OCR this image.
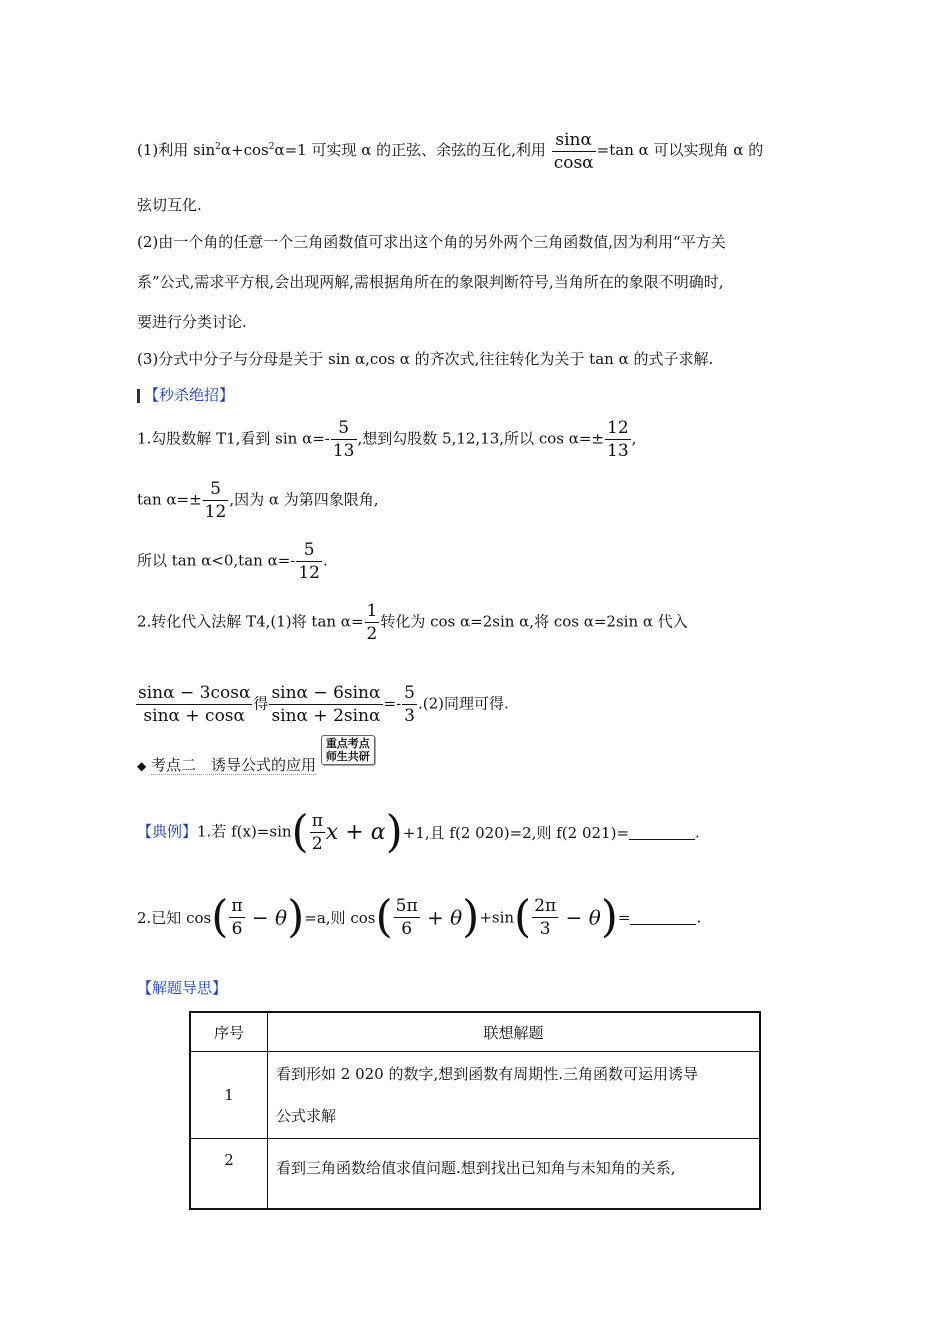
(1)利用 $\sin^2\alpha+\cos^2\alpha=1$ 可实现 α 的正弦、余弦的互化,利用 $\frac{\sin\alpha}{\cos\alpha} =\tan$ α 可以实现角 α 的
弦切互化.
(2)由一个角的任意一个三角函数值可求出这个角的另外两个三角函数值,因为利用“平方关
系”公式,需求平方根,会出现两解,需根据角所在的象限判断符号,当角所在的象限不明确时,
要进行分类讨论.
(3)分式中分子与分母是关于 sin α,cos α 的齐次式,往往转化为关于 tan α 的式子求解.
【秒杀绝招】
1.勾股数解 T1,看到 $\sin \alpha=- \frac{5}{13}$ ,想到勾股数 5,12,13,所以 $\cos \alpha=\pm \frac{12}{13}$ ,
$\tan \alpha=\pm \frac{5}{12}$ ,因为 α 为第四象限角,
所以 tan α<0,tan $\alpha=- \frac{5}{12}$ .
2.转化代入法解 T4,(1)将 $\tan \alpha= \frac{1}{2}$ 转化为 cos α=2sin α,将 cos α=2sin α 代入
$\frac{\sin\alpha - 3\cos\alpha}{\sin\alpha + \cos\alpha}$ 得 $\frac{\sin\alpha - 6\sin\alpha}{\sin\alpha + 2\sin\alpha} =- \frac{5}{3} .(2)$同理可得.
◆ 考点二　诱导公式的应用 重点考点
师生共研
【典例】1.若 $f(x)=\sin( \frac{\pi}{2}$ x + α)+1,且 f(2 020)=2,则 f(2 021)=	.
2.已知 $\cos( \frac{\pi}{6} - \theta)=a$,则 $\cos( \frac{5\pi}{6} + \theta)+\sin( \frac{2\pi}{3} - \theta)=$	.
【解题导思】
序号	联想解题
1	看到形如 2 020 的数字,想到函数有周期性.三角函数可运用诱导
公式求解

2	看到三角函数给值求值问题.想到找出已知角与未知角的关系,
